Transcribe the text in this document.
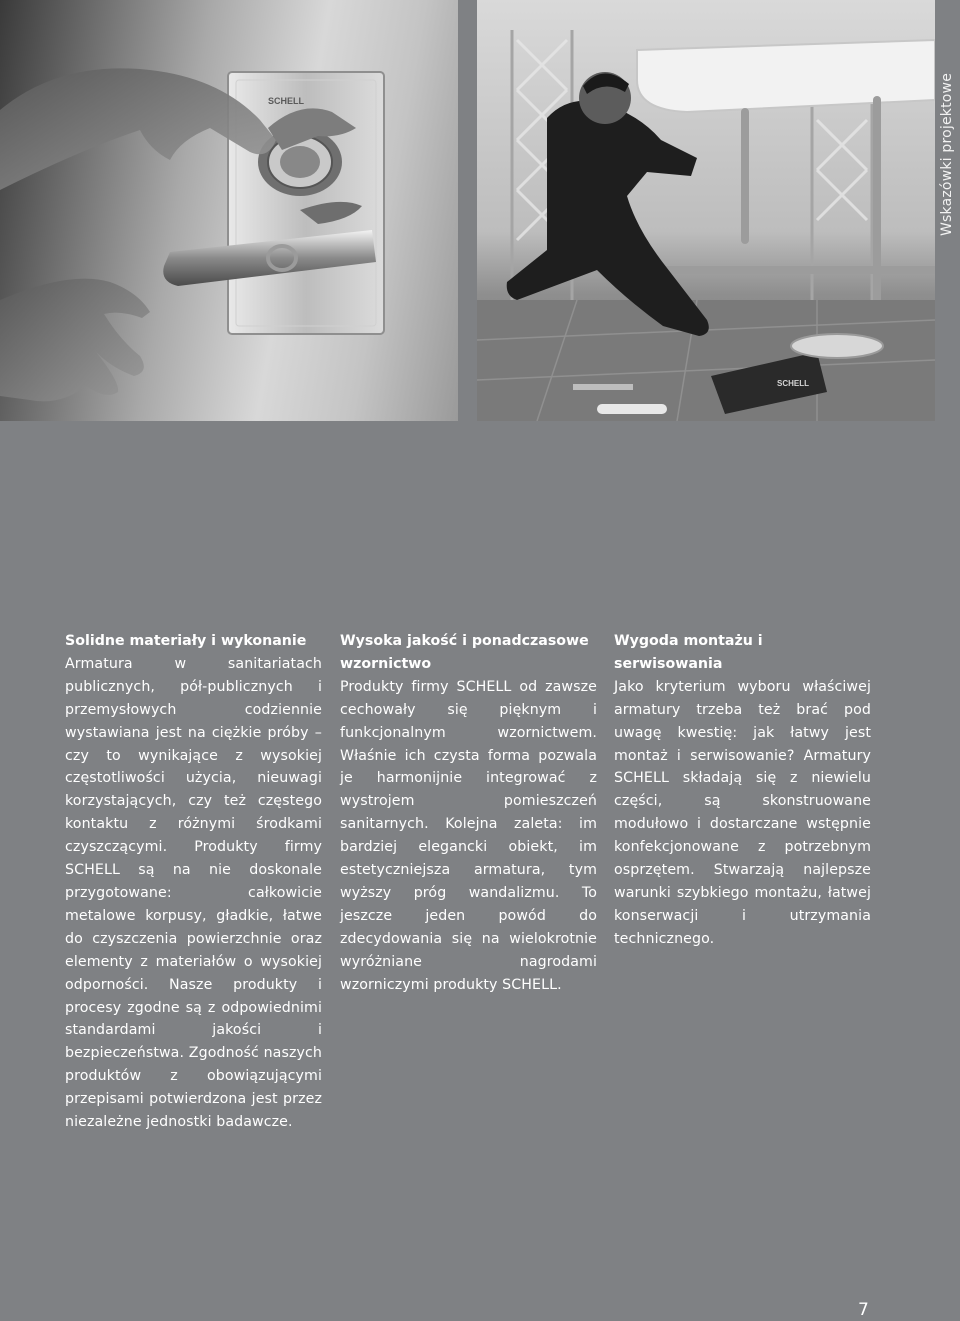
SCHELL
SCHELL
Wskazówki projektowe
Solidne materiały i wykonanie

Armatura w sanitariatach publicznych, pół-publicznych i przemysłowych codziennie wystawiana jest na ciężkie próby – czy to wynikające z wysokiej częstotliwości użycia, nieuwagi korzystających, czy też częstego kontaktu z różnymi środkami czyszczącymi. Produkty firmy SCHELL są na nie doskonale przygotowane: całkowicie metalowe korpusy, gładkie, łatwe do czyszczenia powierzchnie oraz elementy z materiałów o wysokiej odporności. Nasze produkty i procesy zgodne są z odpowiednimi standardami jakości i bezpieczeństwa. Zgodność naszych produktów z obowiązującymi przepisami potwierdzona jest przez niezależne jednostki badawcze.

Wysoka jakość i ponadczasowe wzornictwo

Produkty firmy SCHELL od zawsze cechowały się pięknym i funkcjonalnym wzornictwem. Właśnie ich czysta forma pozwala je harmonijnie integrować z wystrojem pomieszczeń sanitarnych. Kolejna zaleta: im bardziej elegancki obiekt, im estetyczniejsza armatura, tym wyższy próg wandalizmu. To jeszcze jeden powód do zdecydowania się na wielokrotnie wyróżniane nagrodami wzorniczymi produkty SCHELL.

Wygoda montażu i serwisowania

Jako kryterium wyboru właściwej armatury trzeba też brać pod uwagę kwestię: jak łatwy jest montaż i serwisowanie? Armatury SCHELL składają się z niewielu części, są skonstruowane modułowo i dostarczane wstępnie konfekcjonowane z potrzebnym osprzętem. Stwarzają najlepsze warunki szybkiego montażu, łatwej konserwacji i utrzymania technicznego.

7
